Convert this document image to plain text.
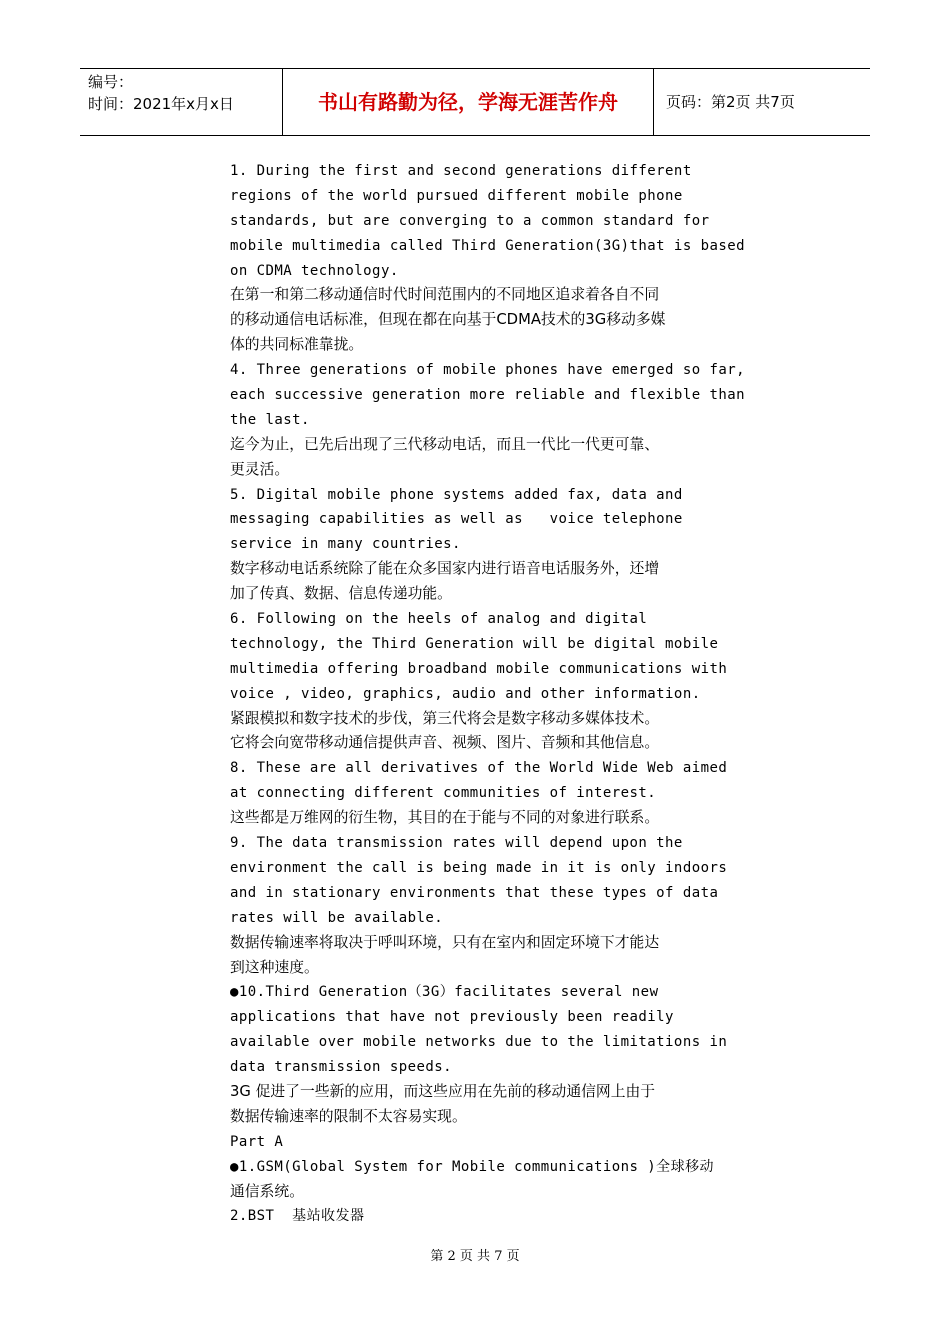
编号：
时间：2021年x月x日	书山有路勤为径，学海无涯苦作舟	页码：第2页 共7页
1. During the first and second generations different
regions of the world pursued different mobile phone
standards, but are converging to a common standard for
mobile multimedia called Third Generation(3G)that is based
on CDMA technology.
在第一和第二移动通信时代时间范围内的不同地区追求着各自不同
的移动通信电话标准，但现在都在向基于CDMA技术的3G移动多媒
体的共同标准靠拢。
4. Three generations of mobile phones have emerged so far,
each successive generation more reliable and flexible than
the last.
迄今为止，已先后出现了三代移动电话，而且一代比一代更可靠、
更灵活。
5. Digital mobile phone systems added fax, data and
messaging capabilities as well as   voice telephone
service in many countries.
数字移动电话系统除了能在众多国家内进行语音电话服务外，还增
加了传真、数据、信息传递功能。
6. Following on the heels of analog and digital
technology, the Third Generation will be digital mobile
multimedia offering broadband mobile communications with
voice , video, graphics, audio and other information.
紧跟模拟和数字技术的步伐，第三代将会是数字移动多媒体技术。
它将会向宽带移动通信提供声音、视频、图片、音频和其他信息。
8. These are all derivatives of the World Wide Web aimed
at connecting different communities of interest.
这些都是万维网的衍生物，其目的在于能与不同的对象进行联系。
9. The data transmission rates will depend upon the
environment the call is being made in it is only indoors
and in stationary environments that these types of data
rates will be available.
数据传输速率将取决于呼叫环境，只有在室内和固定环境下才能达
到这种速度。
●10.Third Generation（3G）facilitates several new
applications that have not previously been readily
available over mobile networks due to the limitations in
data transmission speeds.
3G 促进了一些新的应用，而这些应用在先前的移动通信网上由于
数据传输速率的限制不太容易实现。
Part A
●1.GSM(Global System for Mobile communications )全球移动
通信系统。
2.BST  基站收发器
第 2 页 共 7 页
